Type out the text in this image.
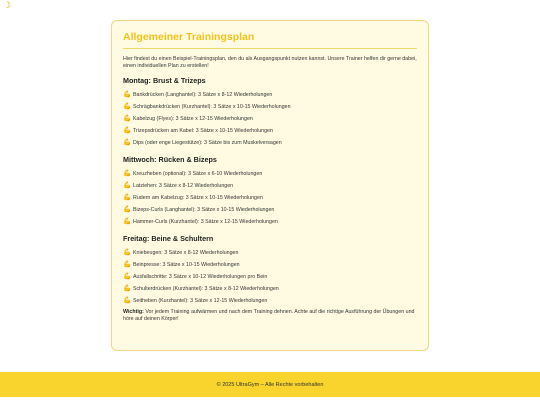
☽
Allgemeiner Trainingsplan

Hier findest du einen Beispiel-Trainingsplan, den du als Ausgangspunkt nutzen kannst. Unsere Trainer helfen dir gerne dabei, einen individuellen Plan zu erstellen!

Montag: Brust & Trizeps
💪 Bankdrücken (Langhantel): 3 Sätze x 8-12 Wiederholungen
💪 Schrägbankdrücken (Kurzhantel): 3 Sätze x 10-15 Wiederholungen
💪 Kabelzug (Flyes): 3 Sätze x 12-15 Wiederholungen
💪 Trizepsdrücken am Kabel: 3 Sätze x 10-15 Wiederholungen
💪 Dips (oder enge Liegestütze): 3 Sätze bis zum Muskelversagen
Mittwoch: Rücken & Bizeps
💪 Kreuzheben (optional): 3 Sätze x 6-10 Wiederholungen
💪 Latziehen: 3 Sätze x 8-12 Wiederholungen
💪 Rudern am Kabelzug: 3 Sätze x 10-15 Wiederholungen
💪 Bizeps-Curls (Langhantel): 3 Sätze x 10-15 Wiederholungen
💪 Hammer-Curls (Kurzhantel): 3 Sätze x 12-15 Wiederholungen
Freitag: Beine & Schultern
💪 Kniebeugen: 3 Sätze x 8-12 Wiederholungen
💪 Beinpresse: 3 Sätze x 10-15 Wiederholungen
💪 Ausfallschritte: 3 Sätze x 10-12 Wiederholungen pro Bein
💪 Schulterdrücken (Kurzhantel): 3 Sätze x 8-12 Wiederholungen
💪 Seitheben (Kurzhantel): 3 Sätze x 12-15 Wiederholungen

Wichtig: Vor jedem Training aufwärmen und nach dem Training dehnen. Achte auf die richtige Ausführung der Übungen und höre auf deinen Körper!

© 2025 UltraGym – Alle Rechte vorbehalten
